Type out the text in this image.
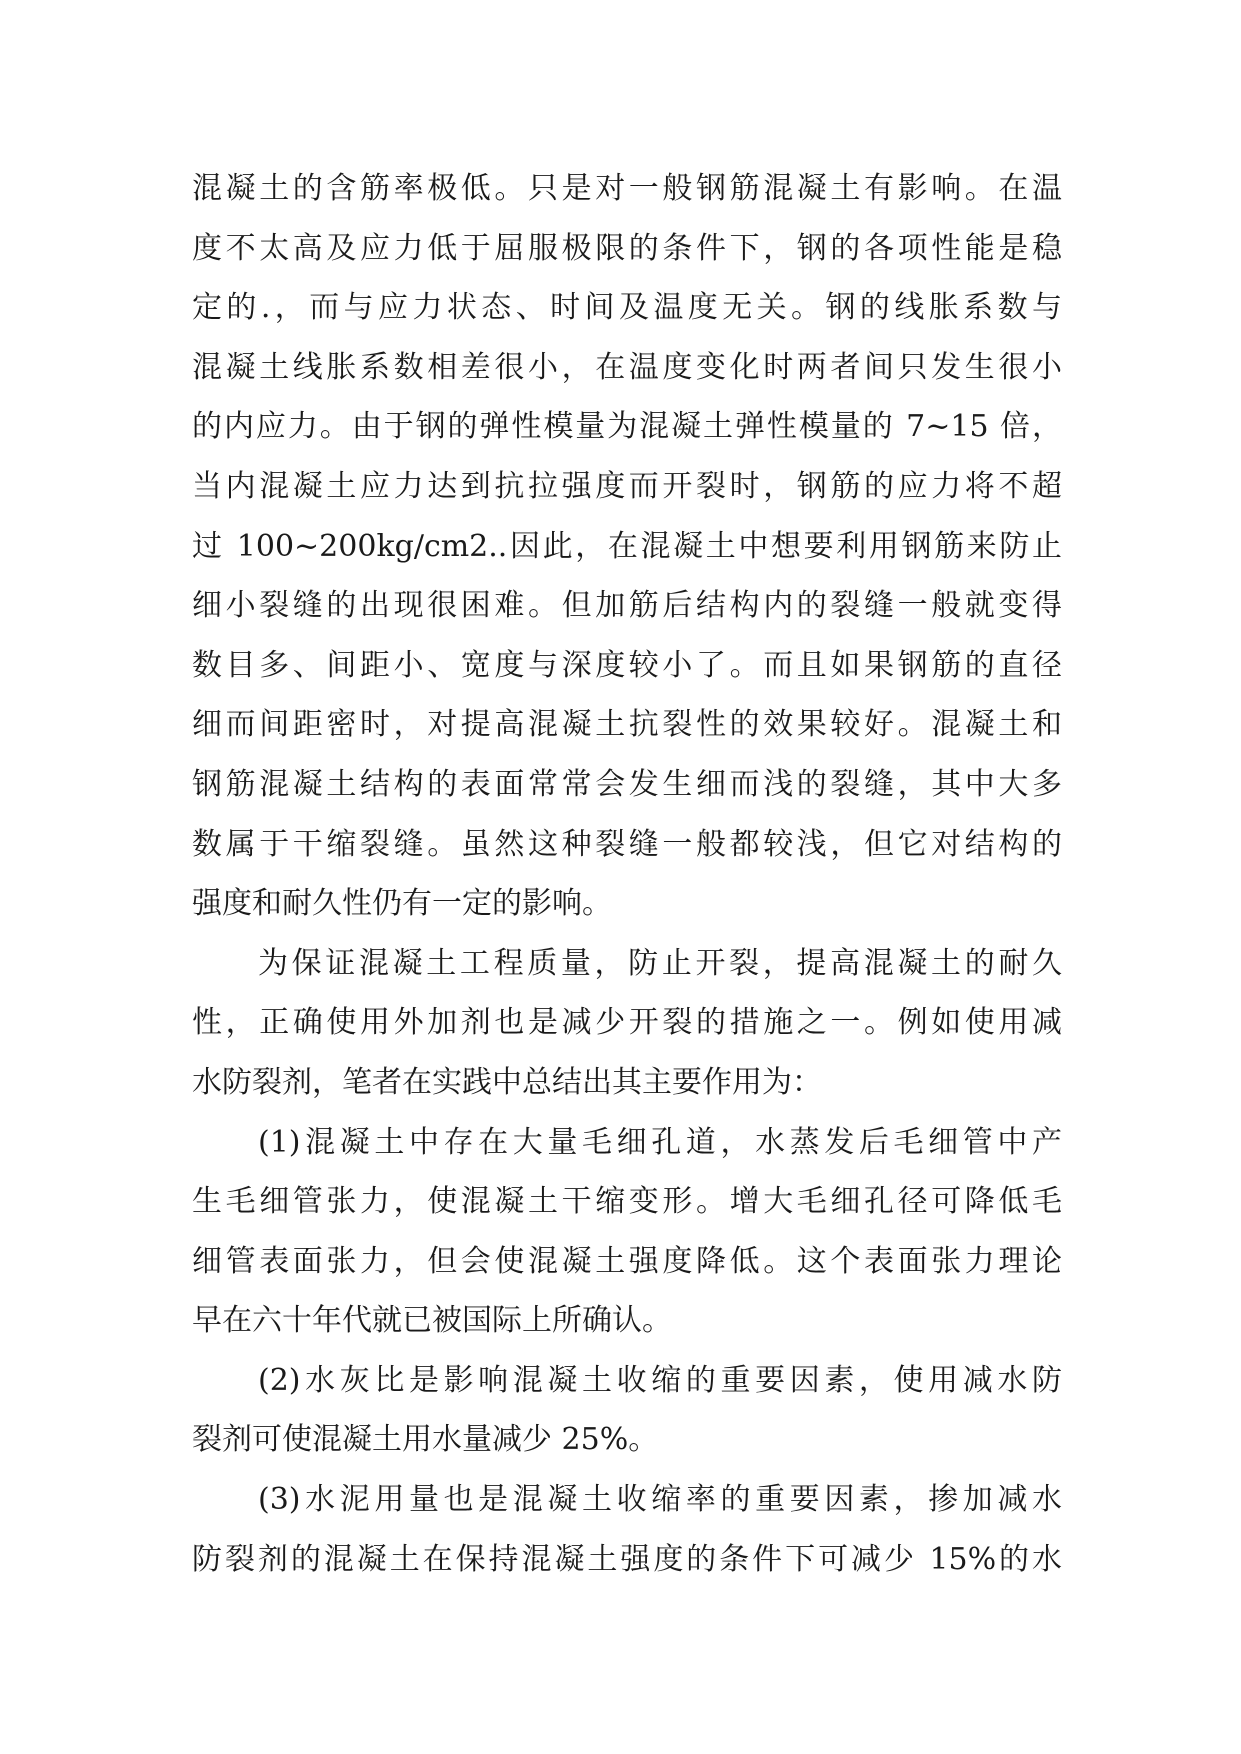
混凝土的含筋率极低。只是对一般钢筋混凝土有影响。在温
度不太高及应力低于屈服极限的条件下，钢的各项性能是稳
定的.，而与应力状态、时间及温度无关。钢的线胀系数与
混凝土线胀系数相差很小，在温度变化时两者间只发生很小
的内应力。由于钢的弹性模量为混凝土弹性模量的 7~15 倍，
当内混凝土应力达到抗拉强度而开裂时，钢筋的应力将不超
过 100~200kg/cm2..因此，在混凝土中想要利用钢筋来防止
细小裂缝的出现很困难。但加筋后结构内的裂缝一般就变得
数目多、间距小、宽度与深度较小了。而且如果钢筋的直径
细而间距密时，对提高混凝土抗裂性的效果较好。混凝土和
钢筋混凝土结构的表面常常会发生细而浅的裂缝，其中大多
数属于干缩裂缝。虽然这种裂缝一般都较浅，但它对结构的
强度和耐久性仍有一定的影响。
为保证混凝土工程质量，防止开裂，提高混凝土的耐久
性，正确使用外加剂也是减少开裂的措施之一。例如使用减
水防裂剂，笔者在实践中总结出其主要作用为：
(1)混凝土中存在大量毛细孔道，水蒸发后毛细管中产
生毛细管张力，使混凝土干缩变形。增大毛细孔径可降低毛
细管表面张力，但会使混凝土强度降低。这个表面张力理论
早在六十年代就已被国际上所确认。
(2)水灰比是影响混凝土收缩的重要因素，使用减水防
裂剂可使混凝土用水量减少 25%。
(3)水泥用量也是混凝土收缩率的重要因素，掺加减水
防裂剂的混凝土在保持混凝土强度的条件下可减少 15%的水
